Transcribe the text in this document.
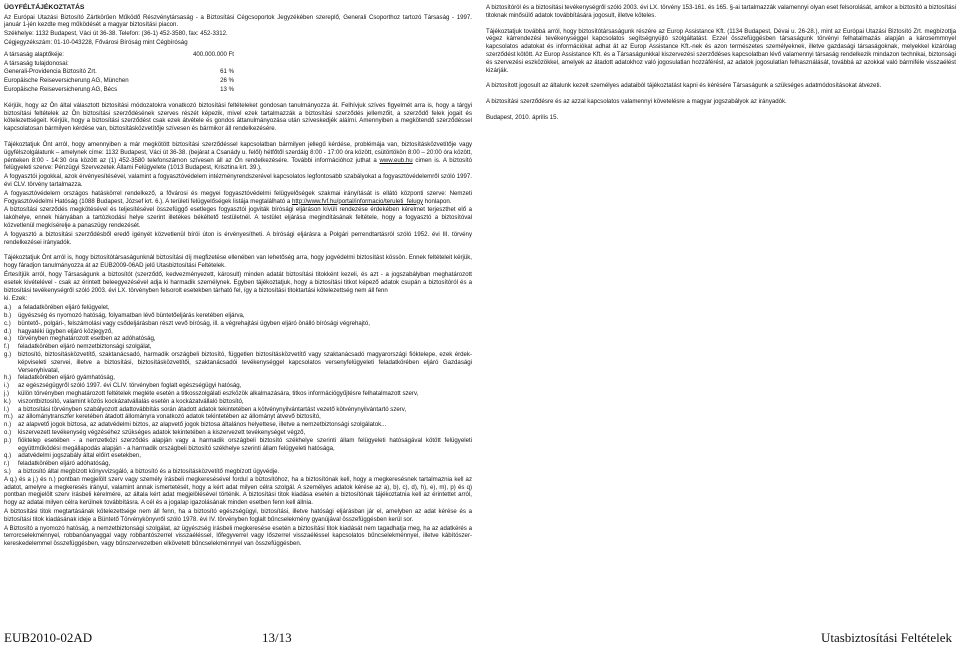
ÜGYFÉLTÁJÉKOZTATÁS
Az Európai Utazási Biztosító Zártkörűen Működő Részvénytársaság - a Biztosítási Cégcsoportok Jegyzékében szereplő, Generali Csoporthoz tartozó Társaság - 1997. január 1-jén kezdte meg működését a magyar biztosítási piacon.
Székhelye: 1132 Budapest, Váci út 36-38. Telefon: (36-1) 452-3580, fax: 452-3312.
Cégjegyzékszám: 01-10-043228, Fővárosi Bíróság mint Cégbíróság
A társaság alaptőkéje:	400.000.000 Ft
A társaság tulajdonosai:
Generali-Providencia Biztosító Zrt.	61 %
Europäische Reiseversicherung AG, München	26 %
Europäische Reiseversicherung AG, Bécs	13 %
Kérjük, hogy az Ön által választott biztosítási módozatokra vonatkozó biztosítási feltételeket gondosan tanulmányozza át. Felhívjuk szíves figyelmét arra is, hogy a tárgyi biztosítási feltételek az Ön biztosítási szerződésének szerves részét képezik, mivel ezek tartalmazzák a biztosítási szerződés jellemzőit, a szerződő felek jogait és kötelezettségeit. Kérjük, hogy a biztosítási szerződést csak ezek átvétele és gondos áttanulmányozása után szíveskedjék aláírni. Amennyiben a megkötendő szerződéssel kapcsolatosan bármilyen kérdése van, biztosításközvetítője szívesen és bármikor áll rendelkezésére.
Tájékoztatjuk Önt arról, hogy amennyiben a már megkötött biztosítási szerződéssel kapcsolatban bármilyen jellegű kérdése, problémája van, biztosításközvetítője vagy ügyfélszolgálatunk – amelynek címe: 1132 Budapest, Váci út 36-38. (bejárat a Csanády u. felől) hétfőtől szerdáig 8:00 - 17:00 óra között, csütörtökön 8:00 – 20:00 óra között, pénteken 8:00 - 14:30 óra között az (1) 452-3580 telefonszámon szívesen áll az Ön rendelkezésére. További információhoz juthat a www.eub.hu cimen is. A biztosító felügyeleti szerve: Pénzügyi Szervezetek Állami Felügyelete (1013 Budapest, Krisztina krt. 39.).
A fogyasztói jogokkal, azok érvényesítésével, valamint a fogyasztóvédelem intézményrendszerével kapcsolatos legfontosabb szabályokat a fogyasztóvédelemről szóló 1997. évi CLV. törvény tartalmazza.
A fogyasztóvédelem országos hatáskörrel rendelkező, a fővárosi és megyei fogyasztóvédelmi felügyelőségek szakmai irányítását is ellátó központi szerve: Nemzeti Fogyasztóvédelmi Hatóság (1088 Budapest, József krt. 6.). A területi felügyelőségek listája megtalálható a http://www.fvf.hu/portal/informacio/teruleti_felugy honlapon.
A biztosítási szerződés megkötésével és teljesítésével összefüggő esetleges fogyasztói jogviták bírósági eljáráson kívüli rendezése érdekében kérelmet terjeszthet elő a lakóhelye, ennek hiányában a tartózkodási helye szerint illetékes békéltető testületnél. A testület eljárása megindításának feltétele, hogy a fogyasztó a biztosítóval közvetlenül megkísérelje a panaszügy rendezését.
A fogyasztó a biztosítási szerződésből eredő igényét közvetlenül bírói úton is érvényesítheti. A bírósági eljárásra a Polgári perrendtartásról szóló 1952. évi III. törvény rendelkezései irányadók.
Tájékoztatjuk Önt arról is, hogy biztosítótársaságunknál biztosítási díj megfizetése ellenében van lehetőség arra, hogy jogvédelmi biztosítást kössön. Ennek feltételeit kérjük, hogy fáradjon tanulmányozza át az EUB2009-06AD jelű Utasbiztosítási Feltételek.
Értesítjük arról, hogy Társaságunk a biztosítót (szerződő, kedvezményezett, károsult) minden adatát biztosítási titokként kezeli, és azt - a jogszabályban meghatározott esetek kivételével - csak az érintett beleegyezésével adja ki harmadik személynek. Egyben tájékoztatjuk, hogy a biztosítási titkot képező adatok csupán a biztosítóról és a biztosítási tevékenységről szóló 2003. évi LX. törvényben felsorolt esetekben tárható fel, így a biztosítási titoktartási kötelezettség nem áll fenn
ki. Ezek:
a.)	a feladatkörében eljáró felügyelet,
b.)	ügyészség és nyomozó hatóság, folyamatban lévő büntetőeljárás keretében eljárva,
c.)	büntető-, polgári-, felszámolási vagy csődeljárásban részt vevő bíróság, ill. a végrehajtási ügyben eljáró önálló bírósági végrehajtó,
d.)	hagyatéki ügyben eljáró közjegyző,
e.)	törvényben meghatározott esetben az adóhatóság,
f.)	feladatkörében eljáró nemzetbiztonsági szolgálat,
g.)	biztosító, biztosításközvetítő, szaktanácsadó, harmadik országbeli biztosító, független biztosításközvetítő vagy szaktanácsadó magyarországi fióktelepe, ezek érdek-képviseleti szervei, illetve a biztosítási, biztosításközvetítői, szaktanácsadói tevékenységgel kapcsolatos versenyfelügyeleti feladatkörében eljáró Gazdasági Versenyhivatal,
h.)	feladatkörében eljáró gyámhatóság,
i.)	az egészségügyről szóló 1997. évi CLIV. törvényben foglalt egészségügyi hatóság,
j.)	külön törvényben meghatározott feltételek megléte esetén a titkosszolgálati eszközök alkalmazására, titkos információgyűjtésre felhatalmazott szerv,
k.)	viszontbiztosító, valamint közös kockázatvállalás esetén a kockázatvállaló biztosító,
l.)	a biztosítási törvényben szabályozott adattovábbítás során átadott adatok tekintetében a kötvénynyilvántartást vezető kötvénynyilvántartó szerv,
m.) az állománytranszfer keretében átadott állományra vonatkozó adatok tekintetében az állományt átvevő biztosító,
n.)	az alapvető jogok biztosa, az adatvédelmi biztos, az alapvető jogok biztosa általános helyettese, illetve a nemzetbiztonsági szolgálatok...
o.)	kiszervezett tevékenység végzéséhez szükséges adatok tekintetében a kiszervezett tevékenységet végző,
p.)	fióktelep esetében - a nemzetközi szerződés alapján vagy a harmadik országbeli biztosító székhelye szerinti állam felügyeleti hatóságával kötött felügyeleti együttműködési megállapodás alapján - a harmadik országbeli biztosító székhelye szerinti állam felügyeleti hatósága,
q.)	adatvédelmi jogszabály által előírt esetekben,
r.)	feladatkörében eljáró adóhatóság,
s.)	a biztosító által megbízott könyvvizsgáló, a biztosító és a biztosításközvetítő megbízott ügyvédje.
A q.) és a j.) és n.) pontban megjelölt szerv vagy személy írásbeli megkeresésével fordul a biztosítóhoz, ha a biztosítónak kell, hogy a megkeresésnek tartalmaznia kell az adatot, amelyre a megkeresés irányul, valamint annak ismertetését, hogy a kért adat milyen célra szolgál. A személyes adatok kérése az a), b), c), d), h), e), m), p) és q) pontban megjelölt szerv írásbeli kérelmére, az általa kért adat megjelölésével történik. A biztosítási titok kiadása esetén a biztosítónak tájékoztatnia kell az érintettet arról, hogy az adatai milyen célra kerülnek továbbításra. A cél és a jogalap igazolásának minden esetben fenn kell állnia.
A biztosítási titok megtartásának kötelezettsége nem áll fenn, ha a biztosító egészségügyi, biztosítási, illetve hatósági eljárásban jár el, amelyben az adat kérése és a biztosítási titok kiadásának ideje a Büntető Törvénykönyvről szóló 1978. évi IV. törvényben foglalt bűncselekmény gyanújával összefüggésben kerül sor.
A Biztosító a nyomozó hatóság, a nemzetbiztonsági szolgálat, az ügyészség írásbeli megkeresése esetén a biztosítási titok kiadását nem tagadhatja meg, ha az adatkérés a terrorcselekménnyel, robbanóanyaggal vagy robbantószerrel visszaéléssel, lőfegyverrel vagy lőszerrel visszaéléssel kapcsolatos bűncselekménnyel, illetve kábítószer-kereskedelemmel összefüggésben, vagy bűnszervezetben elkövetett bűncselekménnyel van összefüggésben.
A biztosítóról és a biztosítási tevékenységről szóló 2003. évi LX. törvény 153-161. és 165. §-ai tartalmazzák valamennyi olyan eset felsorolását, amikor a biztosító a biztosítási titoknak minősülő adatok továbbítására jogosult, illetve köteles.
Tájékoztatjuk továbbá arról, hogy biztosítótársaságunk részére az Europ Assistance Kft. (1134 Budapest, Dévai u. 26-28.), mint az Európai Utazási Biztosító Zrt. megbízottja végez kárrendezési tevékenységgel kapcsolatos segítségnyújtó szolgáltatást. Ezzel összefüggésben társaságunk törvényi felhatalmazás alapján a károsemmnyel kapcsolatos adatokat és információkat adhat át az Europ Assistance Kft.-nek és azon természetes személyeknek, illetve gazdasági társaságoknak, melyekkel kizárólag szerződést kötött. Az Europ Assistance Kft. és a Társaságunkkal kiszervezési szerződéses kapcsolatban lévő valamennyi társaság rendelkezik mindazon technikai, biztonsági és szervezési eszközökkel, amelyek az átadott adatokhoz való jogosulatlan hozzáférést, az adatok jogosulatlan felhasználását, továbbá az azokkal való bármiféle visszaélést kizárják.
A biztosított jogosult az általunk kezelt személyes adataiból tájékoztatást kapni és kérésére Társaságunk a szükséges adatmódosításokat átvezeti.
A biztosítási szerződésre és az azzal kapcsolatos valamennyi követelésre a magyar jogszabályok az irányadók.
Budapest, 2010. április 15.
EUB2010-02AD	13/13	Utasbiztosítási Feltételek
